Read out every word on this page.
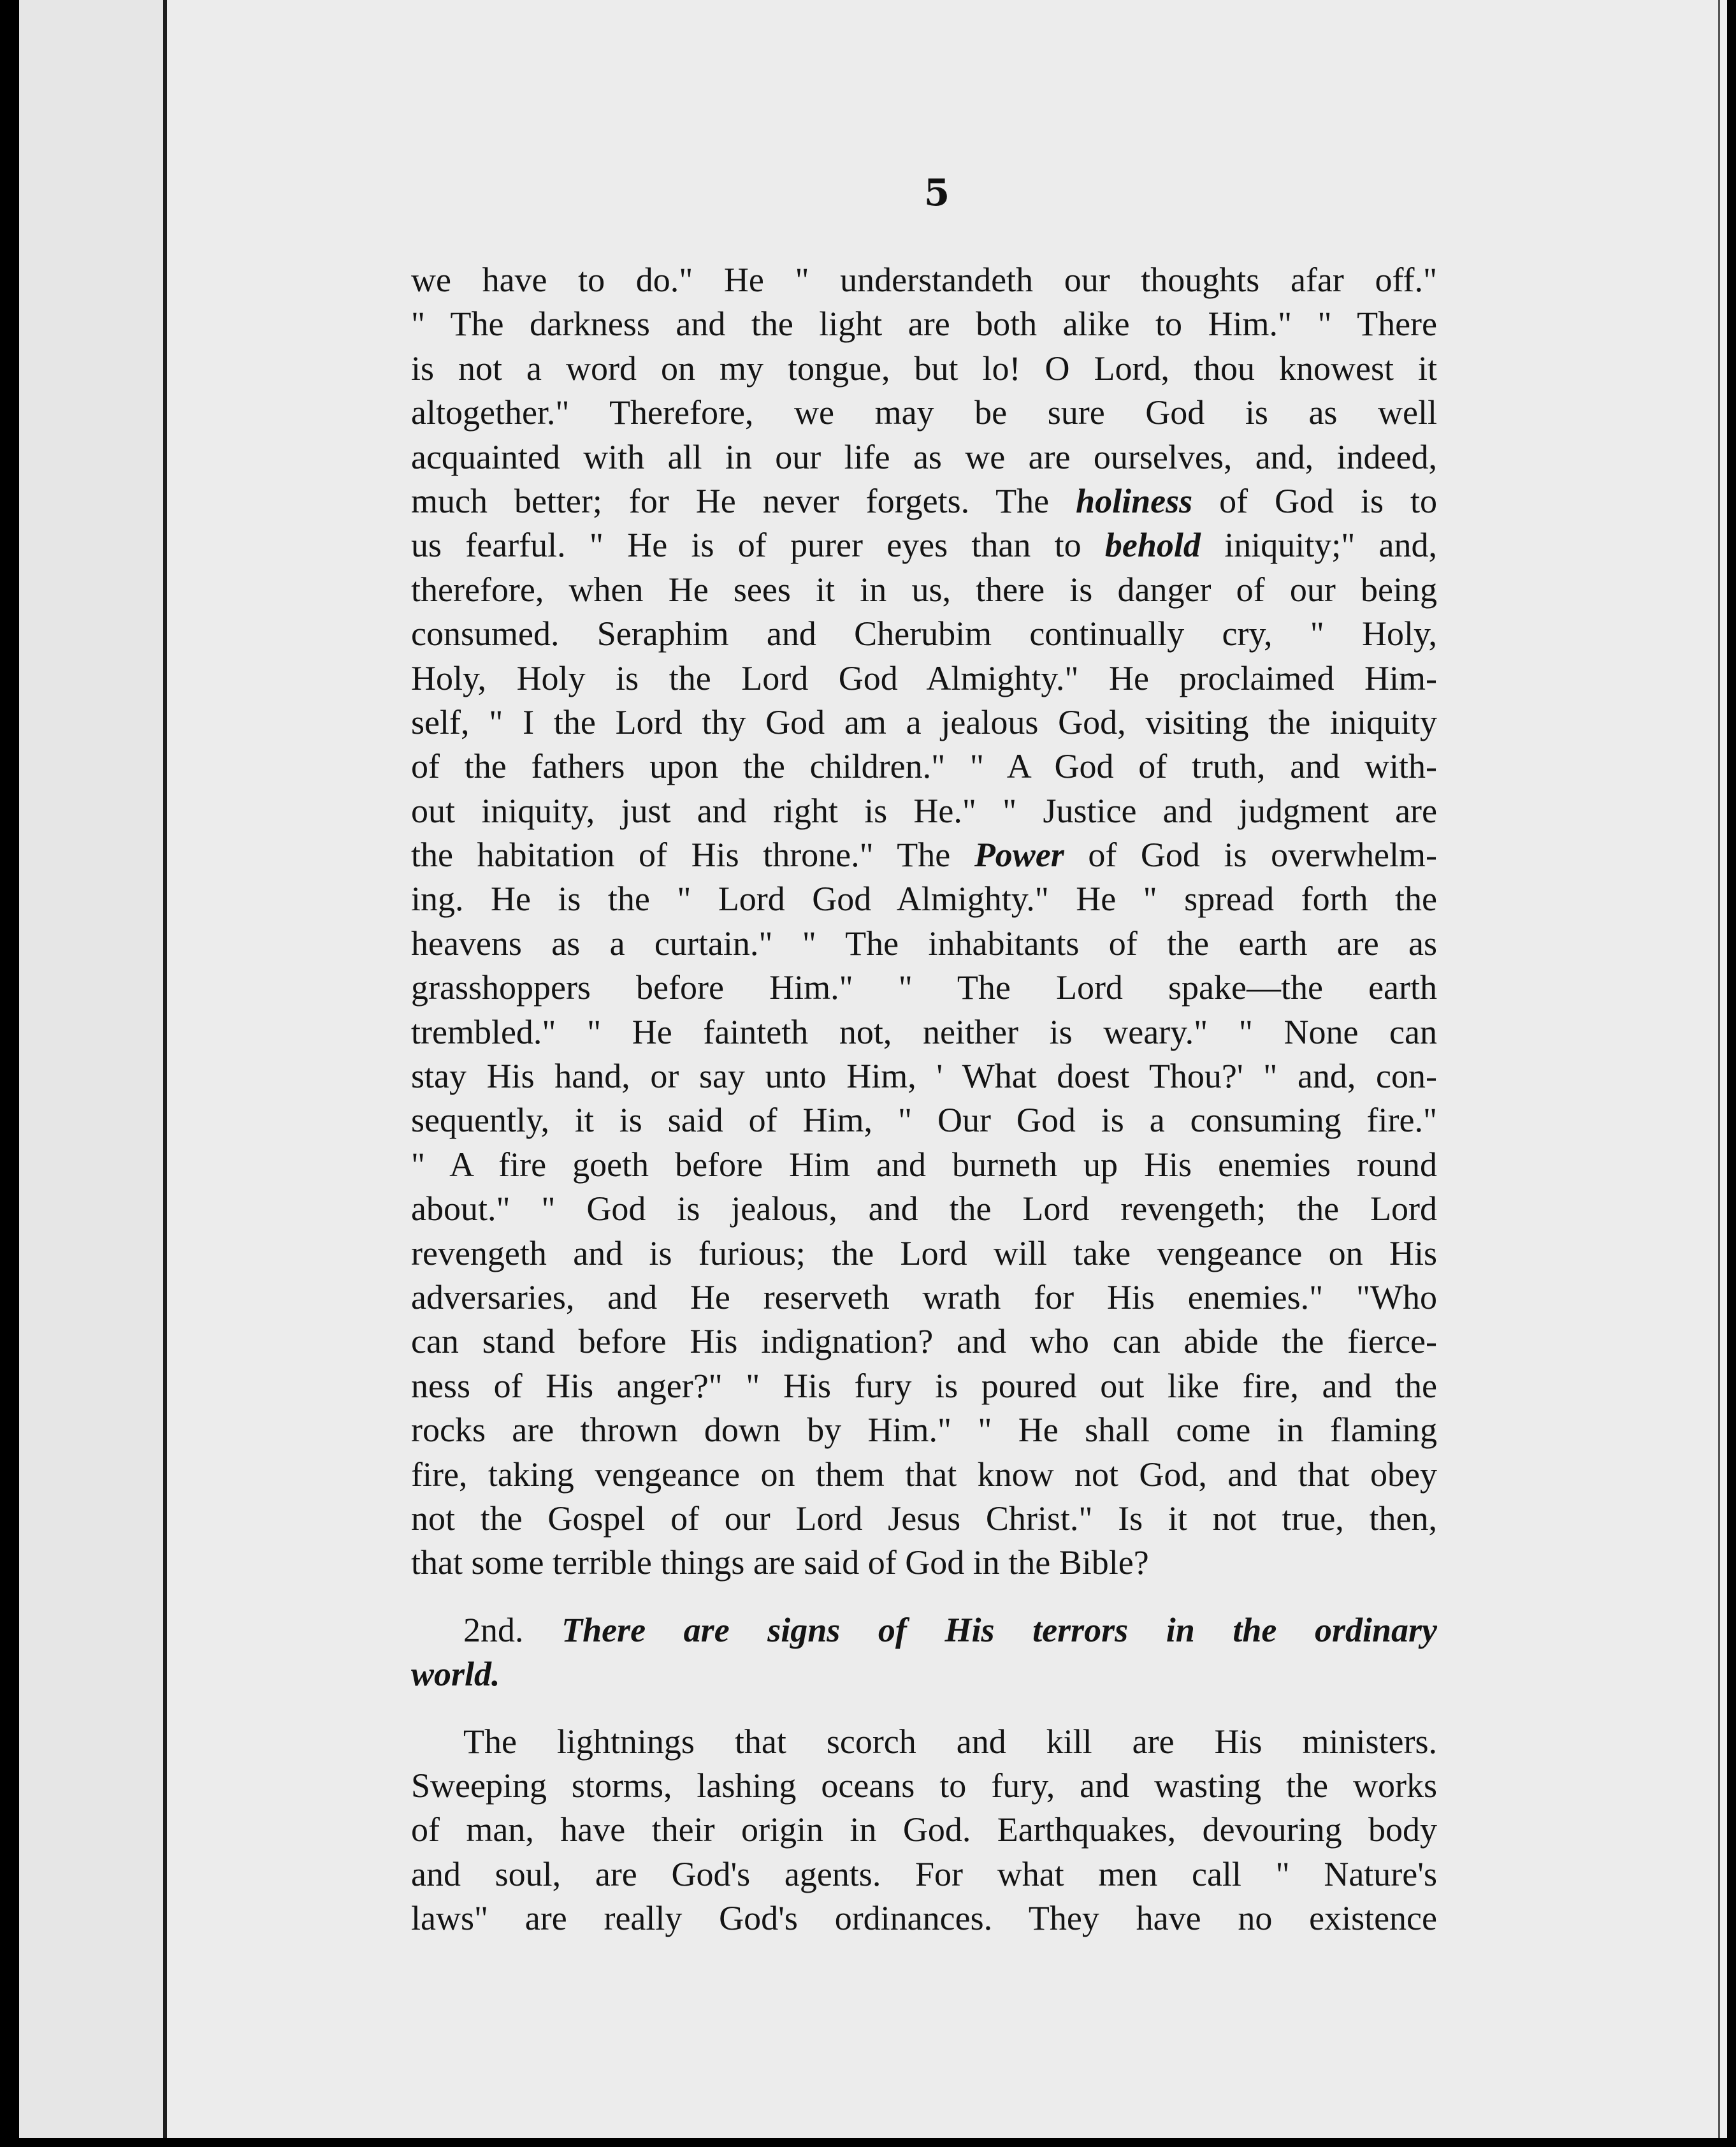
5
we have to do." He " understandeth our thoughts afar off."
" The darkness and the light are both alike to Him." " There
is not a word on my tongue, but lo! O Lord, thou knowest it
altogether." Therefore, we may be sure God is as well
acquainted with all in our life as we are ourselves, and, indeed,
much better; for He never forgets. The holiness of God is to
us fearful. " He is of purer eyes than to behold iniquity;" and,
therefore, when He sees it in us, there is danger of our being
consumed. Seraphim and Cherubim continually cry, " Holy,
Holy, Holy is the Lord God Almighty." He proclaimed Him-
self, " I the Lord thy God am a jealous God, visiting the iniquity
of the fathers upon the children." " A God of truth, and with-
out iniquity, just and right is He." " Justice and judgment are
the habitation of His throne." The Power of God is overwhelm-
ing. He is the " Lord God Almighty." He " spread forth the
heavens as a curtain." " The inhabitants of the earth are as
grasshoppers before Him." " The Lord spake—the earth
trembled." " He fainteth not, neither is weary." " None can
stay His hand, or say unto Him, ' What doest Thou?' " and, con-
sequently, it is said of Him, " Our God is a consuming fire."
" A fire goeth before Him and burneth up His enemies round
about." " God is jealous, and the Lord revengeth; the Lord
revengeth and is furious; the Lord will take vengeance on His
adversaries, and He reserveth wrath for His enemies." "Who
can stand before His indignation? and who can abide the fierce-
ness of His anger?" " His fury is poured out like fire, and the
rocks are thrown down by Him." " He shall come in flaming
fire, taking vengeance on them that know not God, and that obey
not the Gospel of our Lord Jesus Christ." Is it not true, then,
that some terrible things are said of God in the Bible?
2nd. There are signs of His terrors in the ordinary
world.
The lightnings that scorch and kill are His ministers.
Sweeping storms, lashing oceans to fury, and wasting the works
of man, have their origin in God. Earthquakes, devouring body
and soul, are God's agents. For what men call " Nature's
laws" are really God's ordinances. They have no existence
